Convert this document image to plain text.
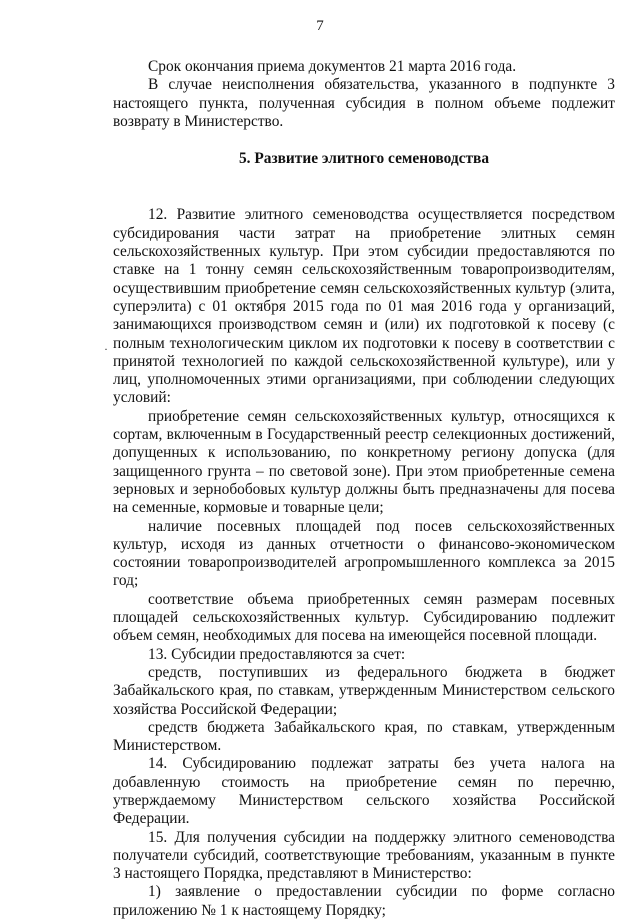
7
·

Срок окончания приема документов 21 марта 2016 года.

В случае неисполнения обязательства, указанного в подпункте 3 настоящего пункта, полученная субсидия в полном объеме подлежит возврату в Министерство.

5. Развитие элитного семеноводства

12. Развитие элитного семеноводства осуществляется посредством субсидирования части затрат на приобретение элитных семян сельскохозяйственных культур. При этом субсидии предоставляются по ставке на 1 тонну семян сельскохозяйственным товаропроизводителям, осуществившим приобретение семян сельскохозяйственных культур (элита, суперэлита) с 01 октября 2015 года по 01 мая 2016 года у организаций, занимающихся производством семян и (или) их подготовкой к посеву (с полным технологическим циклом их подготовки к посеву в соответствии с принятой технологией по каждой сельскохозяйственной культуре), или у лиц, уполномоченных этими организациями, при соблюдении следующих условий:

приобретение семян сельскохозяйственных культур, относящихся к сортам, включенным в Государственный реестр селекционных достижений, допущенных к использованию, по конкретному региону допуска (для защищенного грунта – по световой зоне). При этом приобретенные семена зерновых и зернобобовых культур должны быть предназначены для посева на семенные, кормовые и товарные цели;

наличие посевных площадей под посев сельскохозяйственных культур, исходя из данных отчетности о финансово-экономическом состоянии товаропроизводителей агропромышленного комплекса за 2015 год;

соответствие объема приобретенных семян размерам посевных площадей сельскохозяйственных культур. Субсидированию подлежит объем семян, необходимых для посева на имеющейся посевной площади.

13. Субсидии предоставляются за счет:

средств, поступивших из федерального бюджета в бюджет Забайкальского края, по ставкам, утвержденным Министерством сельского хозяйства Российской Федерации;

средств бюджета Забайкальского края, по ставкам, утвержденным Министерством.

14. Субсидированию подлежат затраты без учета налога на добавленную стоимость на приобретение семян по перечню, утверждаемому Министерством сельского хозяйства Российской Федерации.

15. Для получения субсидии на поддержку элитного семеноводства получатели субсидий, соответствующие требованиям, указанным в пункте 3 настоящего Порядка, представляют в Министерство:

1) заявление о предоставлении субсидии по форме согласно приложению № 1 к настоящему Порядку;
